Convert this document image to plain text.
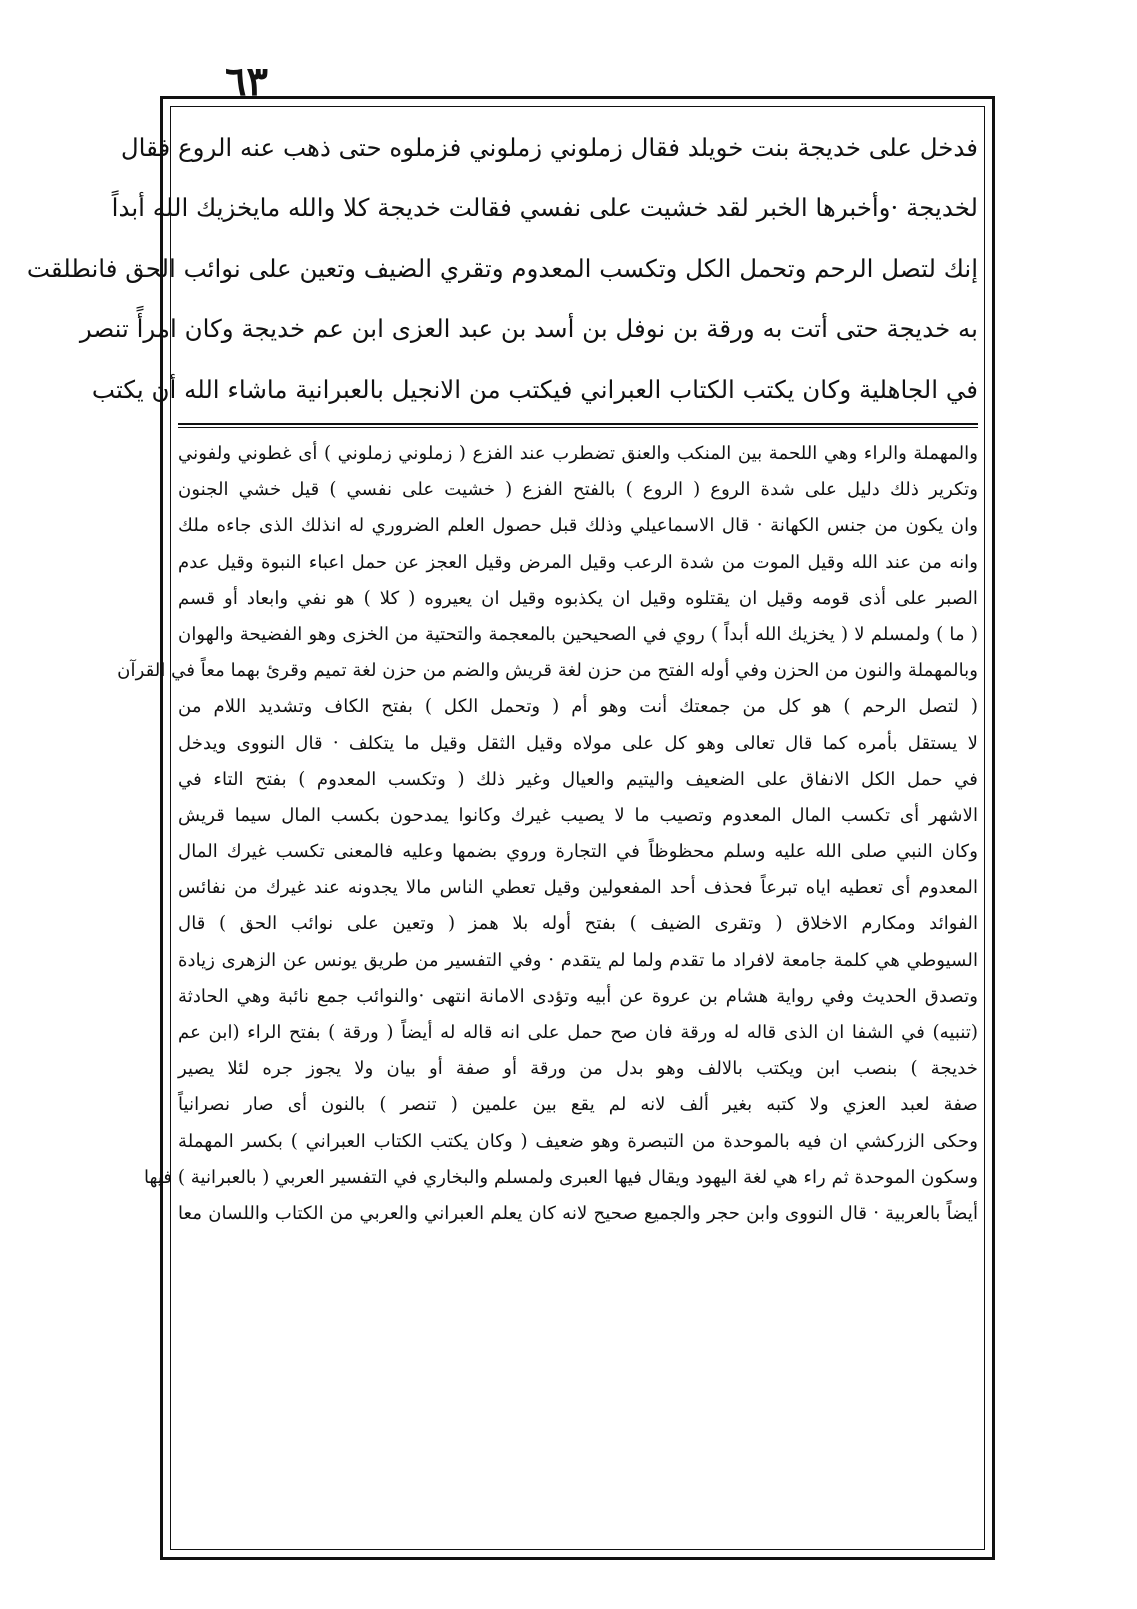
٦٣
فدخل على خديجة بنت خويلد فقال زملوني زملوني فزملوه حتى ذهب عنه الروع فقال
لخديجة ·وأخبرها الخبر لقد خشيت على نفسي فقالت خديجة كلا والله مايخزيك الله أبداً
إنك لتصل الرحم وتحمل الكل وتكسب المعدوم وتقري الضيف وتعين على نوائب الحق فانطلقت
به خديجة حتى أتت به ورقة بن نوفل بن أسد بن عبد العزى ابن عم خديجة وكان امرأً تنصر
في الجاهلية وكان يكتب الكتاب العبراني فيكتب من الانجيل بالعبرانية ماشاء الله أن يكتب
والمهملة والراء وهي اللحمة بين المنكب والعنق تضطرب عند الفزع ( زملوني زملوني ) أى غطوني ولفوني
وتكرير ذلك دليل على شدة الروع ( الروع ) بالفتح الفزع ( خشيت على نفسي ) قيل خشي الجنون
وان يكون من جنس الكهانة · قال الاسماعيلي وذلك قبل حصول العلم الضروري له انذلك الذى جاءه ملك
وانه من عند الله وقيل الموت من شدة الرعب وقيل المرض وقيل العجز عن حمل اعباء النبوة وقيل عدم
الصبر على أذى قومه وقيل ان يقتلوه وقيل ان يكذبوه وقيل ان يعيروه ( كلا ) هو نفي وابعاد أو قسم
( ما ) ولمسلم لا ( يخزيك الله أبداً ) روي في الصحيحين بالمعجمة والتحتية من الخزى وهو الفضيحة والهوان
وبالمهملة والنون من الحزن وفي أوله الفتح من حزن لغة قريش والضم من حزن لغة تميم وقرئ بهما معاً في القرآن
( لتصل الرحم ) هو كل من جمعتك أنت وهو أم ( وتحمل الكل ) بفتح الكاف وتشديد اللام من
لا يستقل بأمره كما قال تعالى وهو كل على مولاه وقيل الثقل وقيل ما يتكلف · قال النووى ويدخل
في حمل الكل الانفاق على الضعيف واليتيم والعيال وغير ذلك ( وتكسب المعدوم ) بفتح التاء في
الاشهر أى تكسب المال المعدوم وتصيب ما لا يصيب غيرك وكانوا يمدحون بكسب المال سيما قريش
وكان النبي صلى الله عليه وسلم محظوظاً في التجارة وروي بضمها وعليه فالمعنى تكسب غيرك المال
المعدوم أى تعطيه اياه تبرعاً فحذف أحد المفعولين وقيل تعطي الناس مالا يجدونه عند غيرك من نفائس
الفوائد ومكارم الاخلاق ( وتقرى الضيف ) بفتح أوله بلا همز ( وتعين على نوائب الحق ) قال
السيوطي هي كلمة جامعة لافراد ما تقدم ولما لم يتقدم · وفي التفسير من طريق يونس عن الزهرى زيادة
وتصدق الحديث وفي رواية هشام بن عروة عن أبيه وتؤدى الامانة انتهى ·والنوائب جمع نائبة وهي الحادثة
(تنبيه) في الشفا ان الذى قاله له ورقة فان صح حمل على انه قاله له أيضاً ( ورقة ) بفتح الراء (ابن عم
خديجة ) بنصب ابن ويكتب بالالف وهو بدل من ورقة أو صفة أو بيان ولا يجوز جره لئلا يصير
صفة لعبد العزي ولا كتبه بغير ألف لانه لم يقع بين علمين ( تنصر ) بالنون أى صار نصرانياً
وحكى الزركشي ان فيه بالموحدة من التبصرة وهو ضعيف ( وكان يكتب الكتاب العبراني ) بكسر المهملة
وسكون الموحدة ثم راء هي لغة اليهود ويقال فيها العبرى ولمسلم والبخاري في التفسير العربي ( بالعبرانية ) فيها
أيضاً بالعربية · قال النووى وابن حجر والجميع صحيح لانه كان يعلم العبراني والعربي من الكتاب واللسان معا
